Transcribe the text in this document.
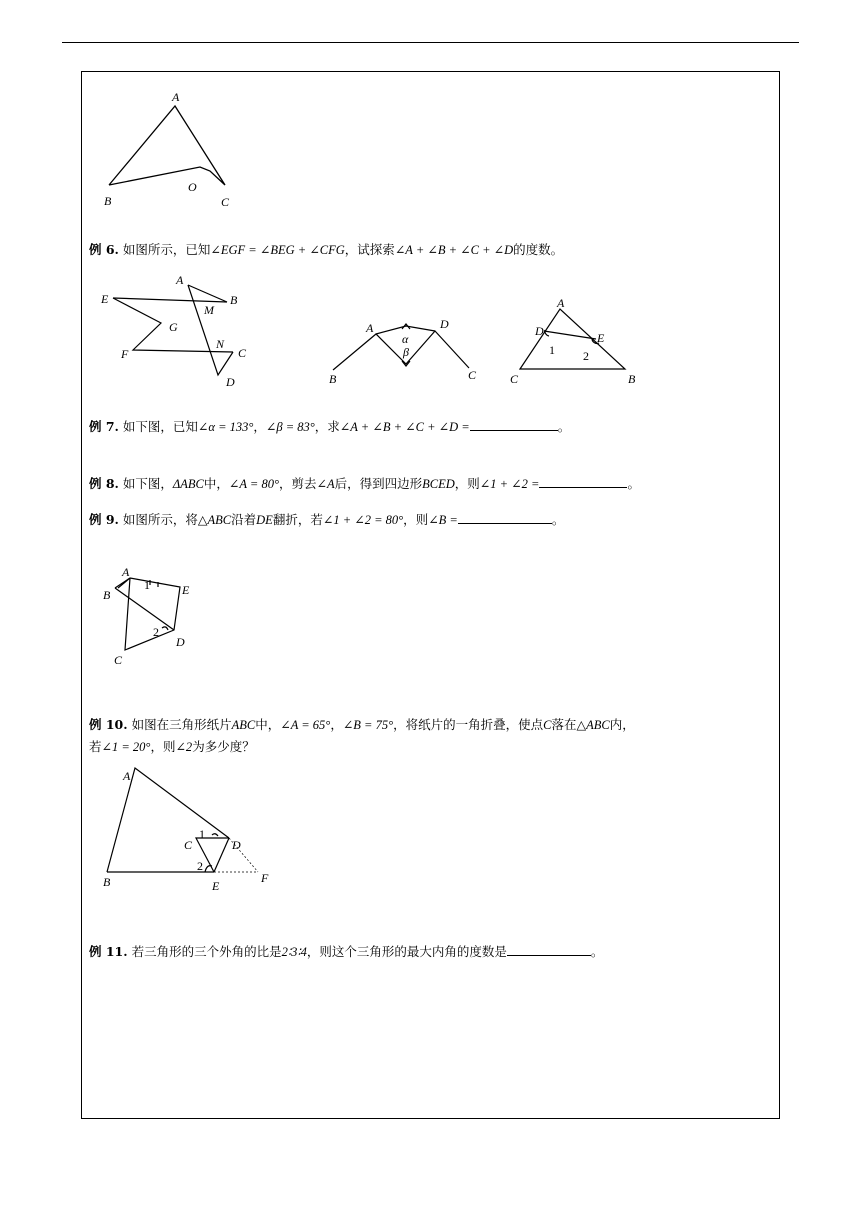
A
B	C
O
A
B
E
M
G
N
C
F
D
A	D
α
β
B	C
A
D	E
1 2
C	B
A
1	E
B
2
D
C
A
1
C	D
2
B	E
F
例 6. 如图所示，已知∠EGF = ∠BEG + ∠CFG，试探索∠A + ∠B + ∠C + ∠D的度数。
例 7. 如下图，已知∠α = 133°，∠β = 83°，求∠A + ∠B + ∠C + ∠D =	。
例 8. 如下图，ΔABC中，∠A = 80°，剪去∠A后，得到四边形BCED，则∠1 + ∠2 =	。
例 9. 如图所示，将△ABC沿着DE翻折，若∠1 + ∠2 = 80°，则∠B =	。
例 10. 如图在三角形纸片ABC中，∠A = 65°，∠B = 75°，将纸片的一角折叠，使点C落在△ABC内，
若∠1 = 20°，则∠2为多少度？
例 11. 若三角形的三个外角的比是2∶3∶4，则这个三角形的最大内角的度数是	。
